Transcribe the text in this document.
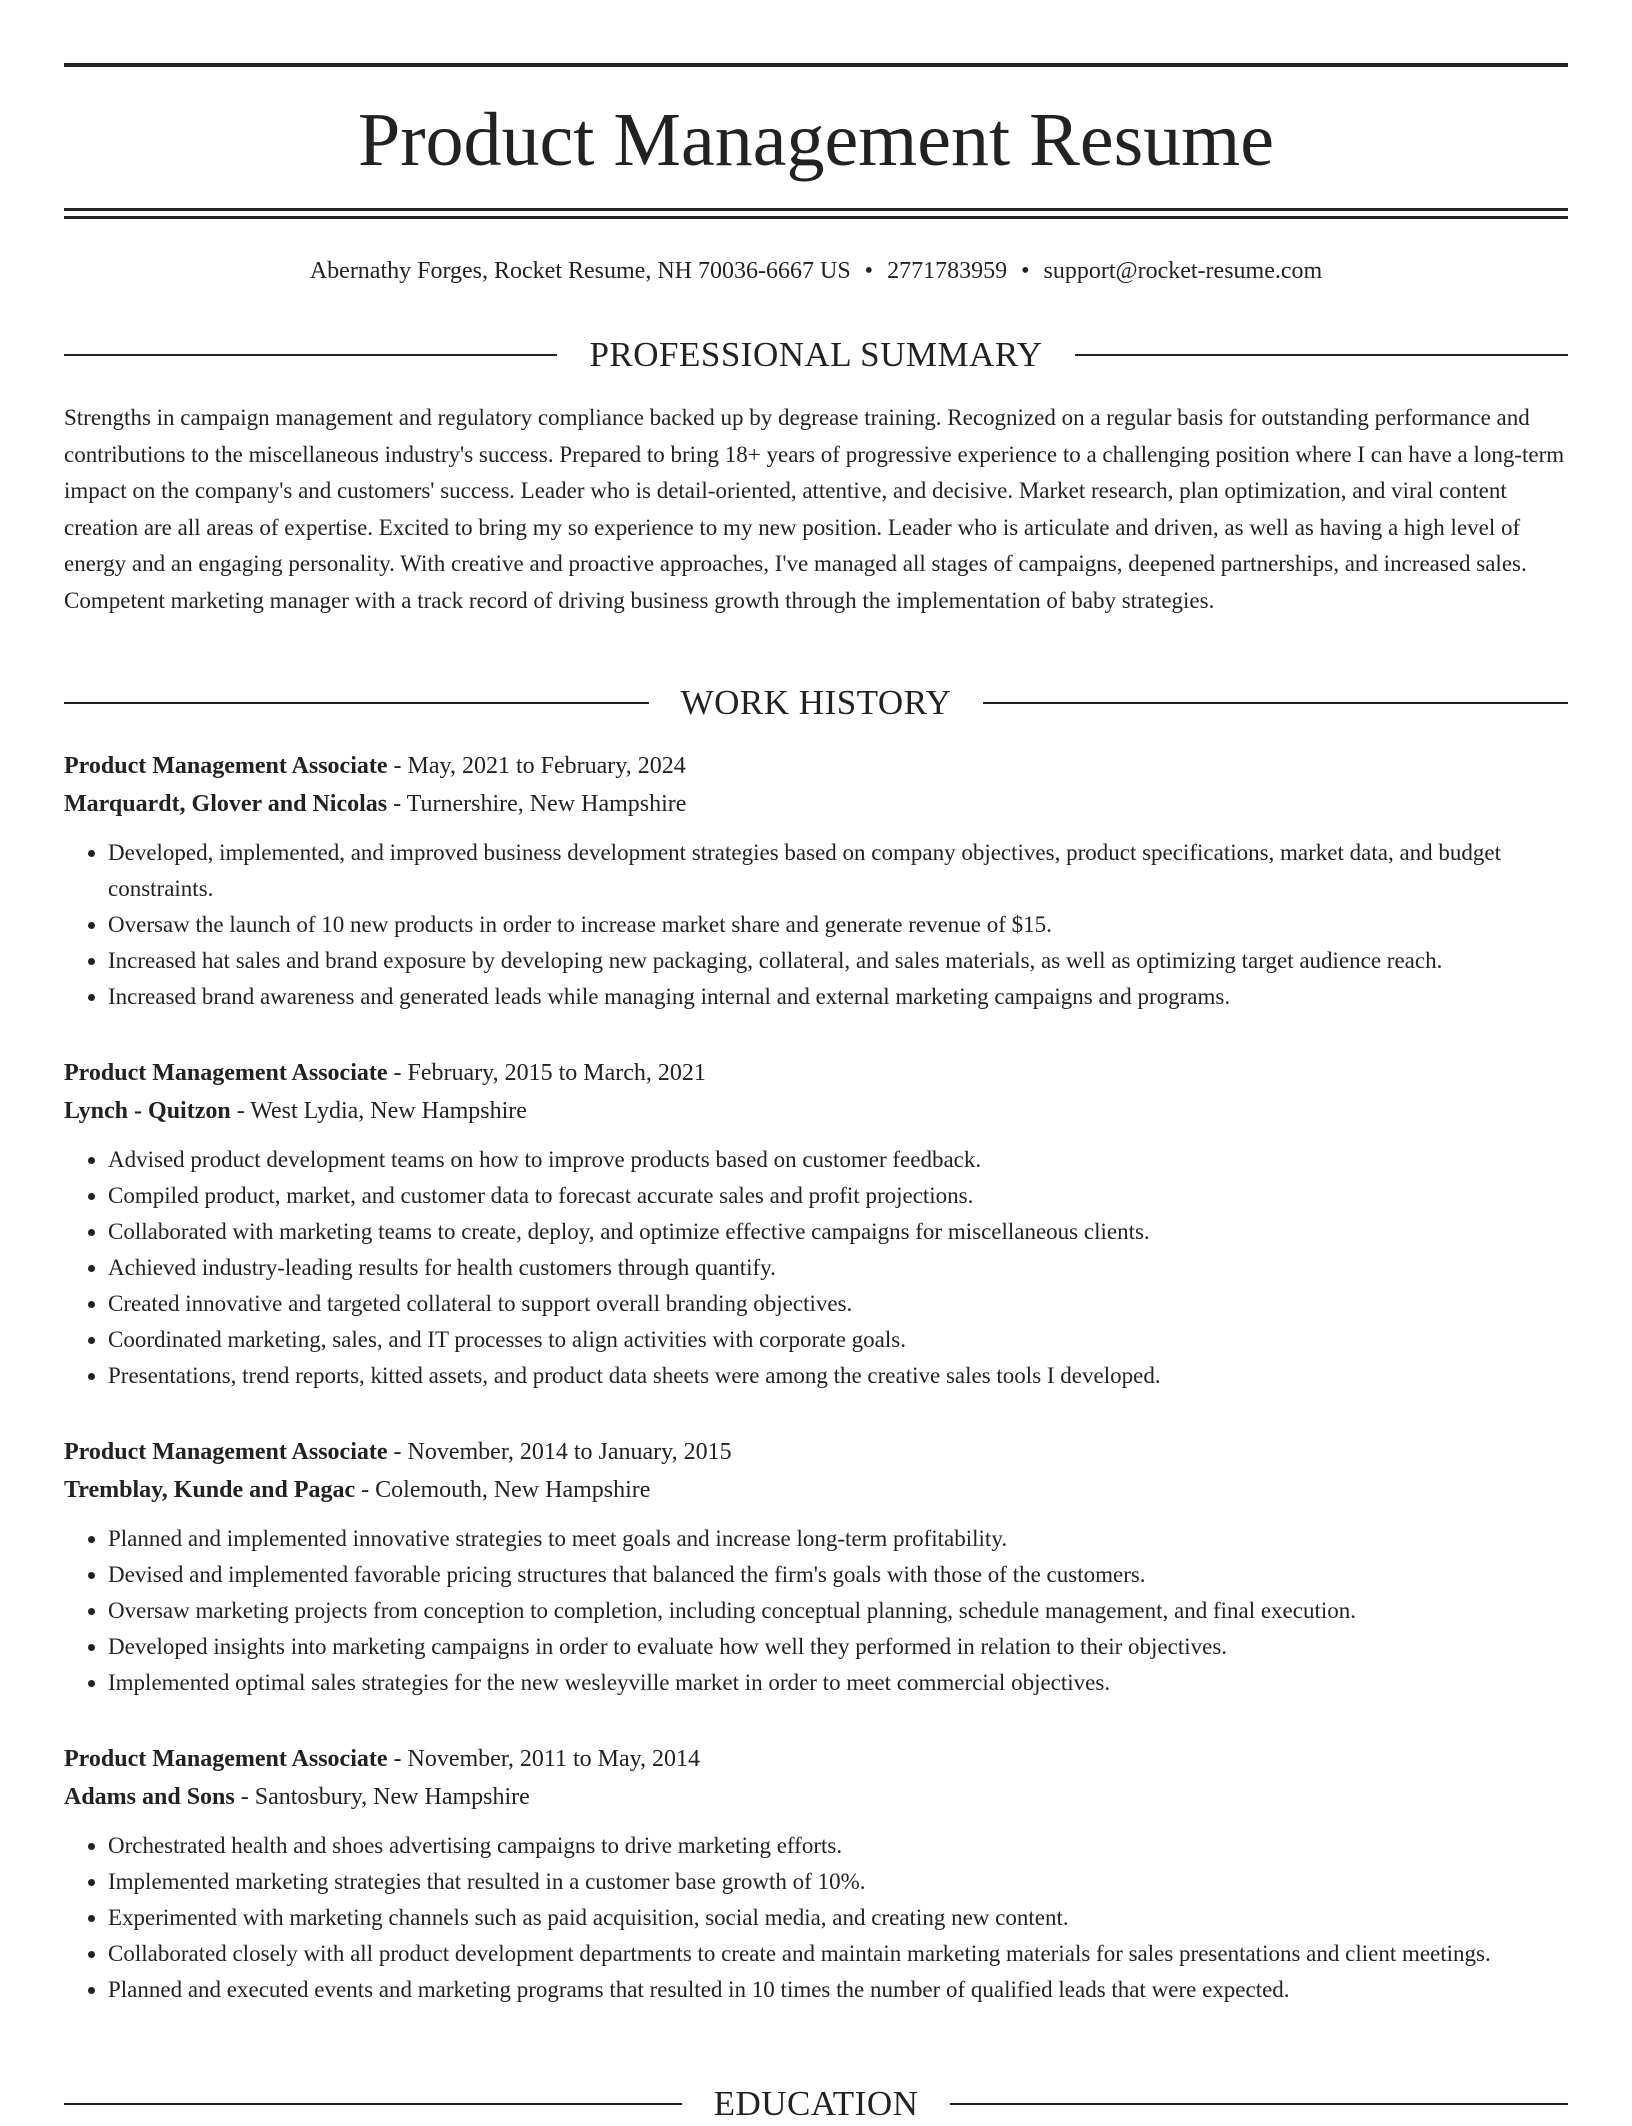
Product Management Resume
Abernathy Forges, Rocket Resume, NH 70036-6667 US • 2771783959 • support@rocket-resume.com
PROFESSIONAL SUMMARY

Strengths in campaign management and regulatory compliance backed up by degrease training. Recognized on a regular basis for outstanding performance and contributions to the miscellaneous industry's success. Prepared to bring 18+ years of progressive experience to a challenging position where I can have a long-term impact on the company's and customers' success. Leader who is detail-oriented, attentive, and decisive. Market research, plan optimization, and viral content creation are all areas of expertise. Excited to bring my so experience to my new position. Leader who is articulate and driven, as well as having a high level of energy and an engaging personality. With creative and proactive approaches, I've managed all stages of campaigns, deepened partnerships, and increased sales. Competent marketing manager with a track record of driving business growth through the implementation of baby strategies.

WORK HISTORY
Product Management Associate - May, 2021 to February, 2024
Marquardt, Glover and Nicolas - Turnershire, New Hampshire
• Developed, implemented, and improved business development strategies based on company objectives, product specifications, market data, and budget constraints.
• Oversaw the launch of 10 new products in order to increase market share and generate revenue of $15.
• Increased hat sales and brand exposure by developing new packaging, collateral, and sales materials, as well as optimizing target audience reach.
• Increased brand awareness and generated leads while managing internal and external marketing campaigns and programs.
Product Management Associate - February, 2015 to March, 2021
Lynch - Quitzon - West Lydia, New Hampshire
• Advised product development teams on how to improve products based on customer feedback.
• Compiled product, market, and customer data to forecast accurate sales and profit projections.
• Collaborated with marketing teams to create, deploy, and optimize effective campaigns for miscellaneous clients.
• Achieved industry-leading results for health customers through quantify.
• Created innovative and targeted collateral to support overall branding objectives.
• Coordinated marketing, sales, and IT processes to align activities with corporate goals.
• Presentations, trend reports, kitted assets, and product data sheets were among the creative sales tools I developed.
Product Management Associate - November, 2014 to January, 2015
Tremblay, Kunde and Pagac - Colemouth, New Hampshire
• Planned and implemented innovative strategies to meet goals and increase long-term profitability.
• Devised and implemented favorable pricing structures that balanced the firm's goals with those of the customers.
• Oversaw marketing projects from conception to completion, including conceptual planning, schedule management, and final execution.
• Developed insights into marketing campaigns in order to evaluate how well they performed in relation to their objectives.
• Implemented optimal sales strategies for the new wesleyville market in order to meet commercial objectives.
Product Management Associate - November, 2011 to May, 2014
Adams and Sons - Santosbury, New Hampshire
• Orchestrated health and shoes advertising campaigns to drive marketing efforts.
• Implemented marketing strategies that resulted in a customer base growth of 10%.
• Experimented with marketing channels such as paid acquisition, social media, and creating new content.
• Collaborated closely with all product development departments to create and maintain marketing materials for sales presentations and client meetings.
• Planned and executed events and marketing programs that resulted in 10 times the number of qualified leads that were expected.
EDUCATION
